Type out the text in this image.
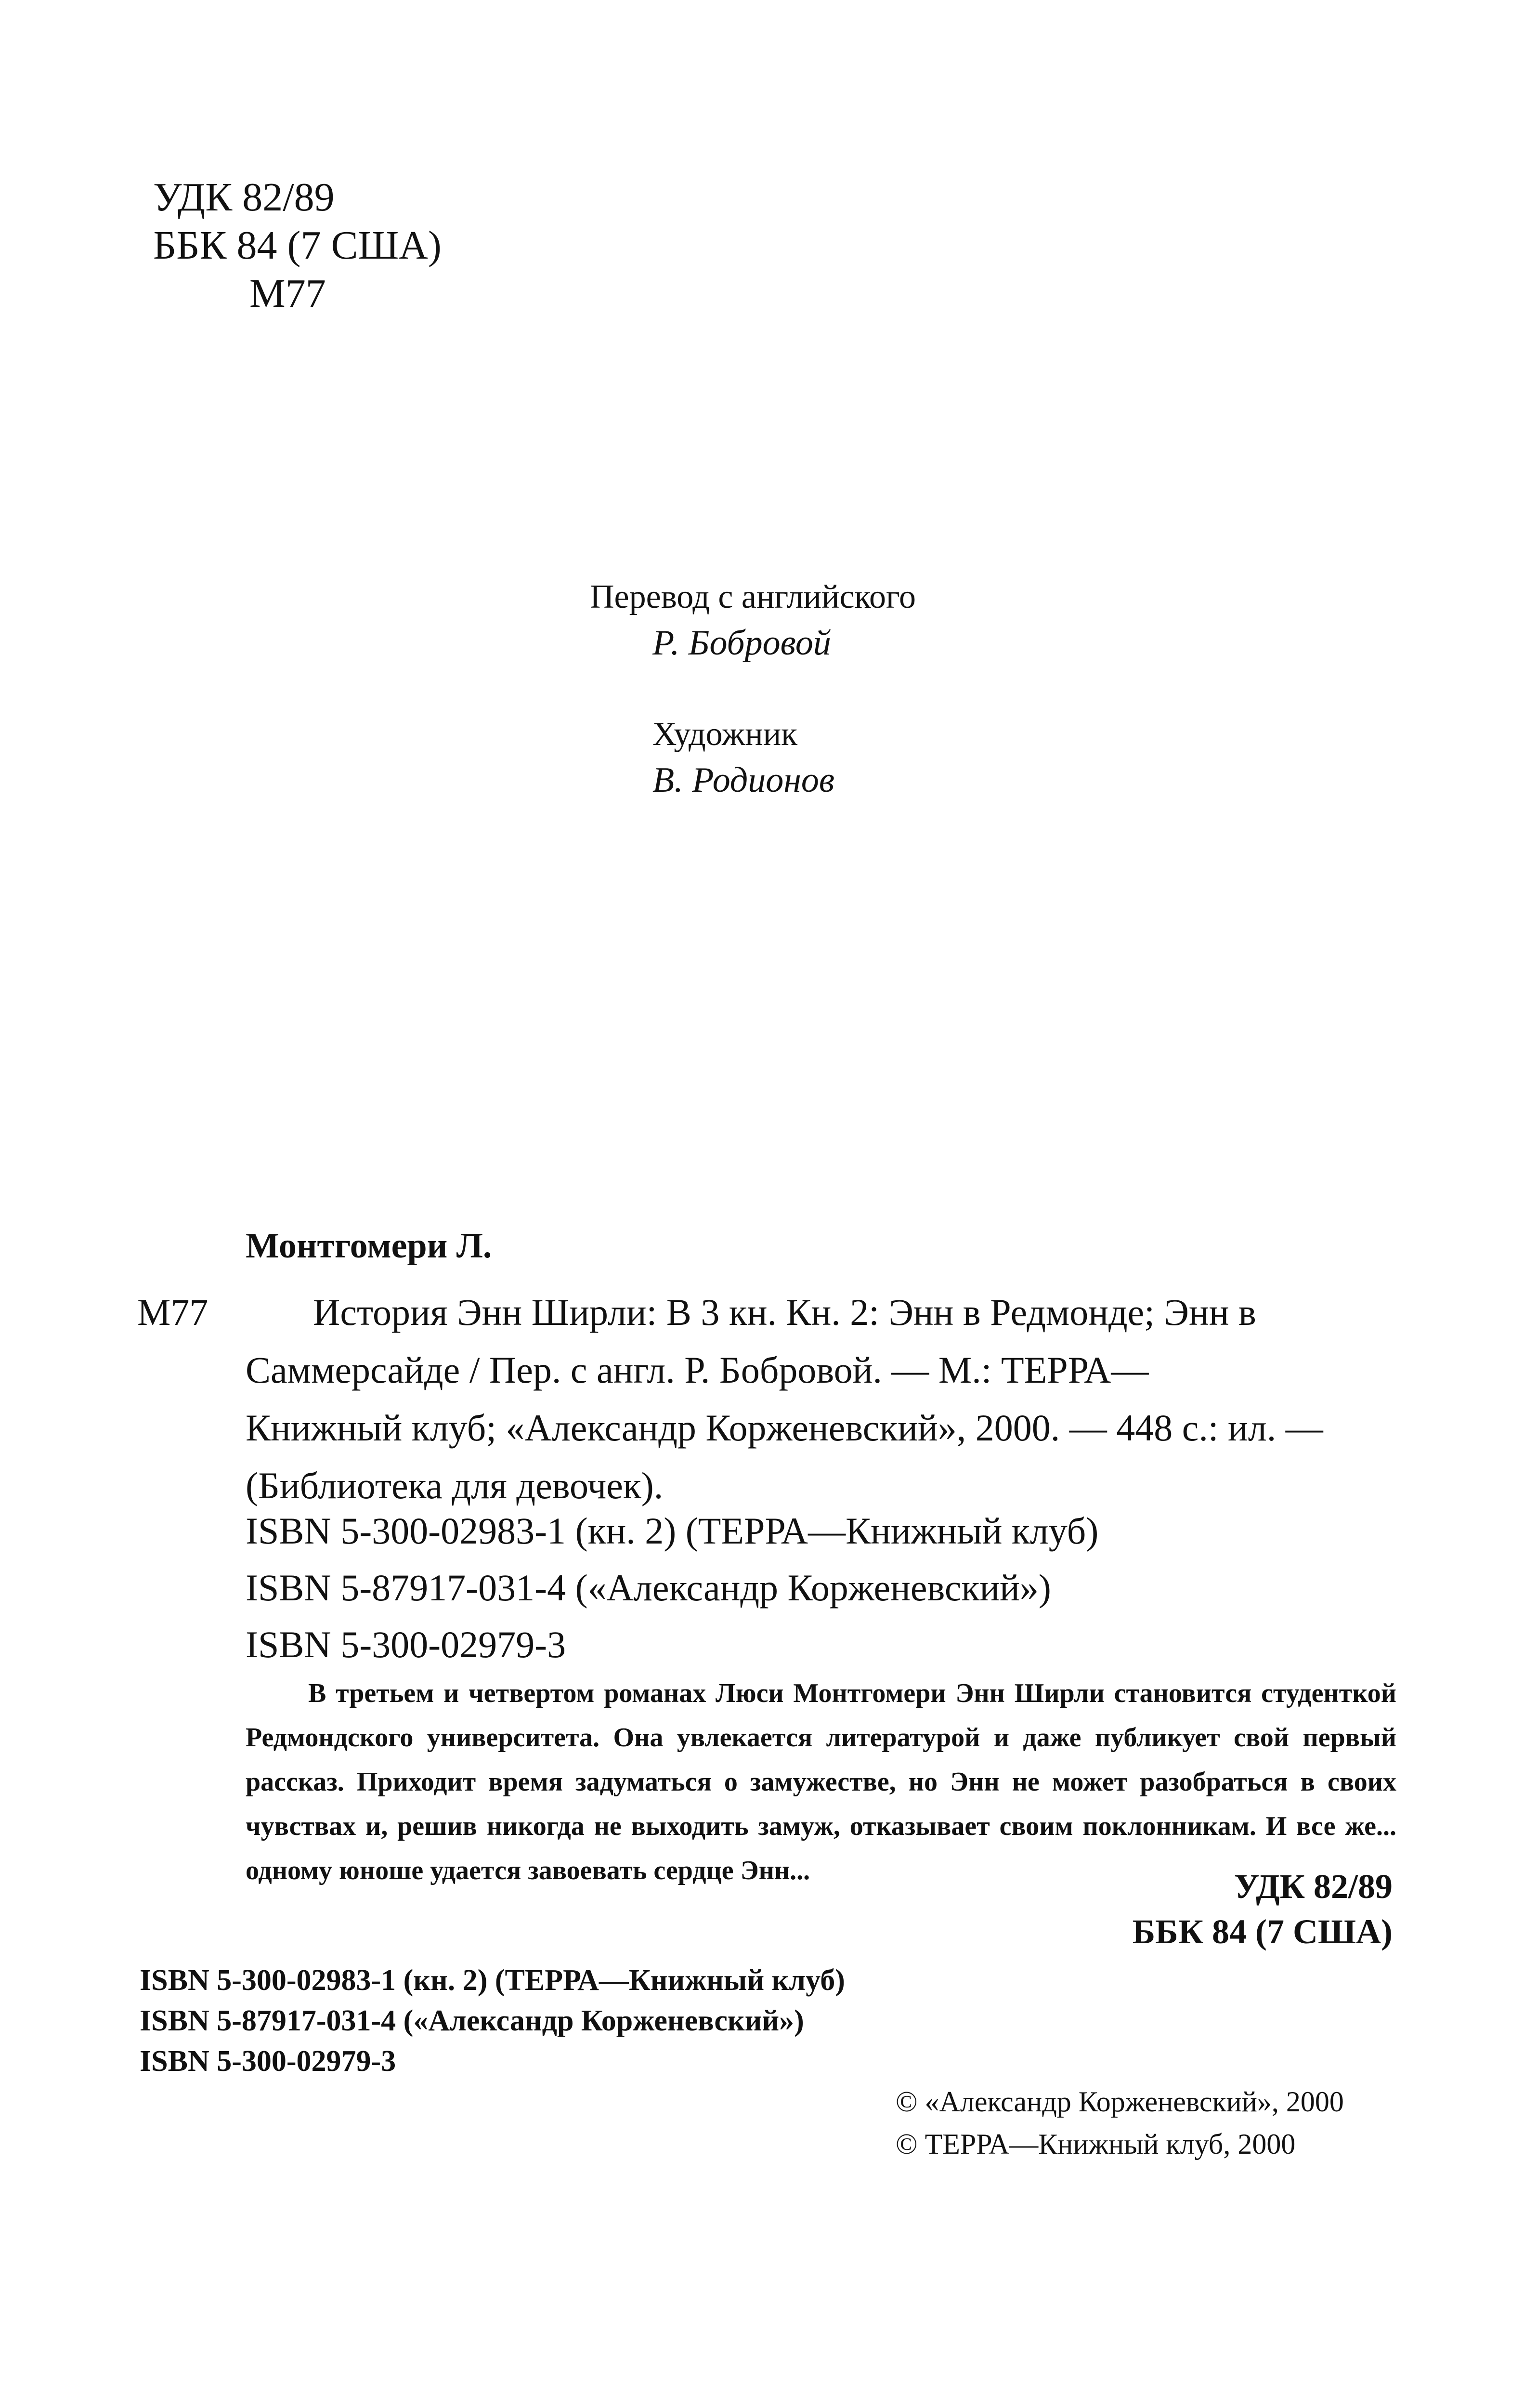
УДК 82/89
ББК 84 (7 США)
М77
Перевод с английского
Р. Бобровой
Художник
В. Родионов
Монтгомери Л.
М77	История Энн Ширли: В 3 кн. Кн. 2: Энн в Редмонде; Энн в
Саммерсайде / Пер. с англ. Р. Бобровой. — М.: ТЕРРА—
Книжный клуб; «Александр Корженевский», 2000. — 448 с.: ил. —
(Библиотека для девочек).
ISBN 5-300-02983-1 (кн. 2) (ТЕРРА—Книжный клуб)
ISBN 5-87917-031-4 («Александр Корженевский»)
ISBN 5-300-02979-3
В третьем и четвертом романах Люси Монтгомери Энн Ширли становится студенткой Редмондского университета. Она увлекается литературой и даже публикует свой первый рассказ. Приходит время задуматься о замужестве, но Энн не может разобраться в своих чувствах и, решив никогда не выходить замуж, отказывает своим поклонникам. И все же... одному юноше удается завоевать сердце Энн...	УДК 82/89
ББК 84 (7 США)
ISBN 5-300-02983-1 (кн. 2) (ТЕРРА—Книжный клуб)
ISBN 5-87917-031-4 («Александр Корженевский»)
ISBN 5-300-02979-3
© «Александр Корженевский», 2000
© ТЕРРА—Книжный клуб, 2000
